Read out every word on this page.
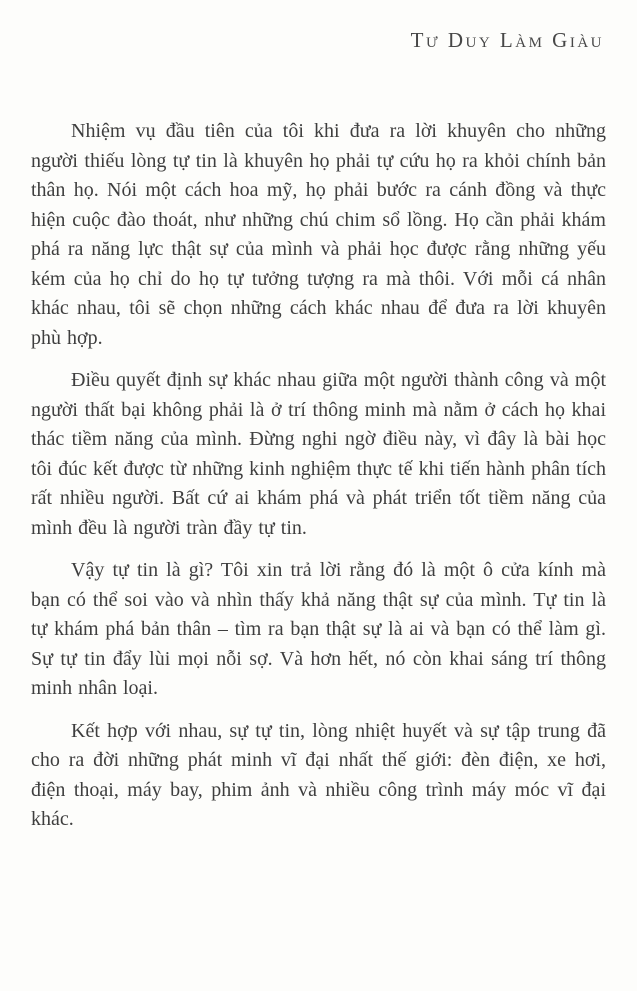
Tư Duy Làm Giàu

Nhiệm vụ đầu tiên của tôi khi đưa ra lời khuyên cho những người thiếu lòng tự tin là khuyên họ phải tự cứu họ ra khỏi chính bản thân họ. Nói một cách hoa mỹ, họ phải bước ra cánh đồng và thực hiện cuộc đào thoát, như những chú chim sổ lồng. Họ cần phải khám phá ra năng lực thật sự của mình và phải học được rằng những yếu kém của họ chỉ do họ tự tưởng tượng ra mà thôi. Với mỗi cá nhân khác nhau, tôi sẽ chọn những cách khác nhau để đưa ra lời khuyên phù hợp.

Điều quyết định sự khác nhau giữa một người thành công và một người thất bại không phải là ở trí thông minh mà nằm ở cách họ khai thác tiềm năng của mình. Đừng nghi ngờ điều này, vì đây là bài học tôi đúc kết được từ những kinh nghiệm thực tế khi tiến hành phân tích rất nhiều người. Bất cứ ai khám phá và phát triển tốt tiềm năng của mình đều là người tràn đầy tự tin.

Vậy tự tin là gì? Tôi xin trả lời rằng đó là một ô cửa kính mà bạn có thể soi vào và nhìn thấy khả năng thật sự của mình. Tự tin là tự khám phá bản thân – tìm ra bạn thật sự là ai và bạn có thể làm gì. Sự tự tin đẩy lùi mọi nỗi sợ. Và hơn hết, nó còn khai sáng trí thông minh nhân loại.

Kết hợp với nhau, sự tự tin, lòng nhiệt huyết và sự tập trung đã cho ra đời những phát minh vĩ đại nhất thế giới: đèn điện, xe hơi, điện thoại, máy bay, phim ảnh và nhiều công trình máy móc vĩ đại khác.
